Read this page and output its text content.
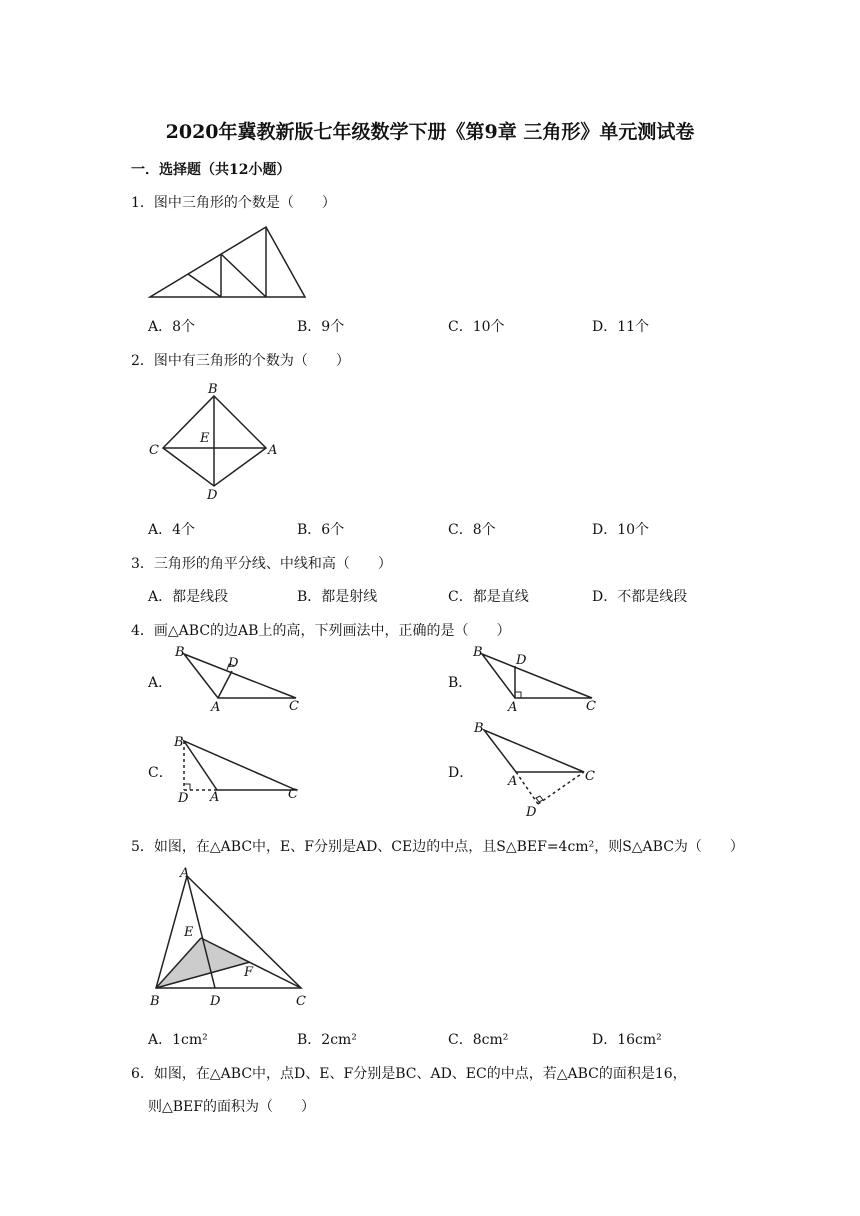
2020年冀教新版七年级数学下册《第9章 三角形》单元测试卷
一．选择题（共12小题）
1．图中三角形的个数是（　　）
A．8个	B．9个	C．10个	D．11个
2．图中有三角形的个数为（　　）
B
C
E
A
D
A．4个	B．6个	C．8个	D．10个
3．三角形的角平分线、中线和高（　　）
A．都是线段	B．都是射线	C．都是直线	D．不都是线段
4．画△ABC的边AB上的高，下列画法中，正确的是（　　）
A．
B
D
A	C
B．
B
D
A	C
C．
B
D A	C
D．
B
D
A	C
5．如图，在△ABC中，E、F分别是AD、CE边的中点，且S△BEF=4cm²，则S△ABC为（　　）
A
E
F
B	D	C
A．1cm²	B．2cm²	C．8cm²	D．16cm²
6．如图，在△ABC中，点D、E、F分别是BC、AD、EC的中点，若△ABC的面积是16，
则△BEF的面积为（　　）
